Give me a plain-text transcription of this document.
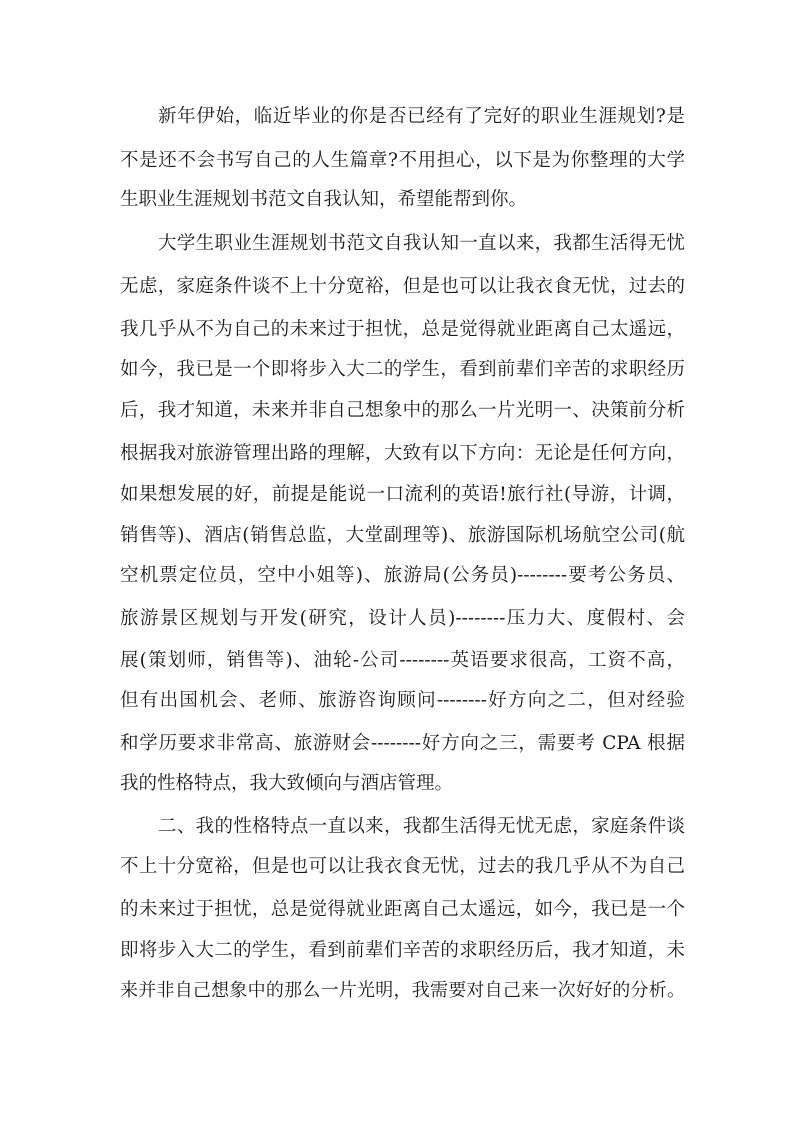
新年伊始，临近毕业的你是否已经有了完好的职业生涯规划?是
不是还不会书写自己的人生篇章?不用担心，以下是为你整理的大学
生职业生涯规划书范文自我认知，希望能帮到你。
大学生职业生涯规划书范文自我认知一直以来，我都生活得无忧
无虑，家庭条件谈不上十分宽裕，但是也可以让我衣食无忧，过去的
我几乎从不为自己的未来过于担忧，总是觉得就业距离自己太遥远，
如今，我已是一个即将步入大二的学生，看到前辈们辛苦的求职经历
后，我才知道，未来并非自己想象中的那么一片光明一、决策前分析
根据我对旅游管理出路的理解，大致有以下方向：无论是任何方向，
如果想发展的好，前提是能说一口流利的英语!旅行社(导游，计调，
销售等)、酒店(销售总监，大堂副理等)、旅游国际机场航空公司(航
空机票定位员，空中小姐等)、旅游局(公务员)--------要考公务员、
旅游景区规划与开发(研究，设计人员)--------压力大、度假村、会
展(策划师，销售等)、油轮-公司--------英语要求很高，工资不高，
但有出国机会、老师、旅游咨询顾问--------好方向之二，但对经验
和学历要求非常高、旅游财会--------好方向之三，需要考 CPA 根据
我的性格特点，我大致倾向与酒店管理。
二、我的性格特点一直以来，我都生活得无忧无虑，家庭条件谈
不上十分宽裕，但是也可以让我衣食无忧，过去的我几乎从不为自己
的未来过于担忧，总是觉得就业距离自己太遥远，如今，我已是一个
即将步入大二的学生，看到前辈们辛苦的求职经历后，我才知道，未
来并非自己想象中的那么一片光明，我需要对自己来一次好好的分析。
